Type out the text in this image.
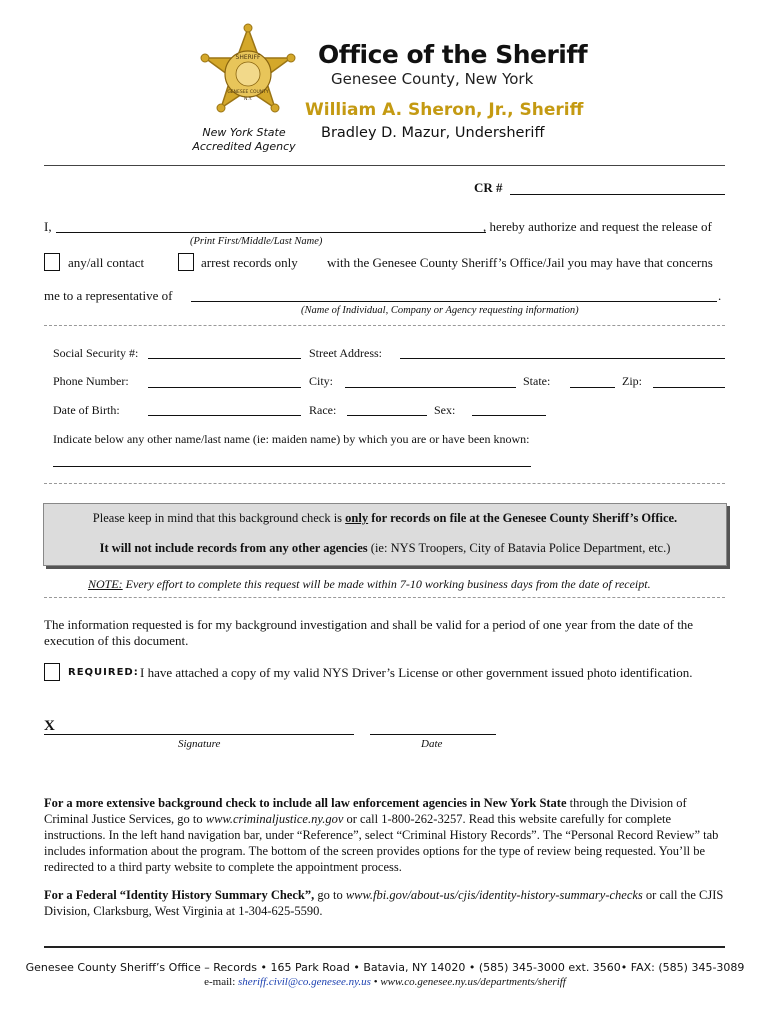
SHERIFF
GENESEE COUNTY
N.Y.
New York State
Accredited Agency
Office of the Sheriff
Genesee County, New York
William A. Sheron, Jr., Sheriff
Bradley D. Mazur, Undersheriff
CR #
I,	, hereby authorize and request the release of
(Print First/Middle/Last Name)
any/all contact	arrest records only with the Genesee County Sheriff’s Office/Jail you may have that concerns
me to a representative of	.
(Name of Individual, Company or Agency requesting information)
Social Security #:	Street Address:
Phone Number:	City:	State:	Zip:
Date of Birth:	Race:	Sex:
Indicate below any other name/last name (ie: maiden name) by which you are or have been known:
Please keep in mind that this background check is only for records on file at the Genesee County Sheriff’s Office.
It will not include records from any other agencies (ie: NYS Troopers, City of Batavia Police Department, etc.)
NOTE: Every effort to complete this request will be made within 7-10 working business days from the date of receipt.
The information requested is for my background investigation and shall be valid for a period of one year from the date of the execution of this document.
REQUIRED: I have attached a copy of my valid NYS Driver’s License or other government issued photo identification.
X
Signature	Date
For a more extensive background check to include all law enforcement agencies in New York State through the Division of Criminal Justice Services, go to www.criminaljustice.ny.gov or call 1-800-262-3257. Read this website carefully for complete instructions. In the left hand navigation bar, under “Reference”, select “Criminal History Records”. The “Personal Record Review” tab includes information about the program. The bottom of the screen provides options for the type of review being requested. You’ll be redirected to a third party website to complete the appointment process.
For a Federal “Identity History Summary Check”, go to www.fbi.gov/about-us/cjis/identity-history-summary-checks or call the CJIS Division, Clarksburg, West Virginia at 1-304-625-5590.
Genesee County Sheriff’s Office – Records • 165 Park Road • Batavia, NY 14020 • (585) 345-3000 ext. 3560• FAX: (585) 345-3089
e-mail: sheriff.civil@co.genesee.ny.us • www.co.genesee.ny.us/departments/sheriff
